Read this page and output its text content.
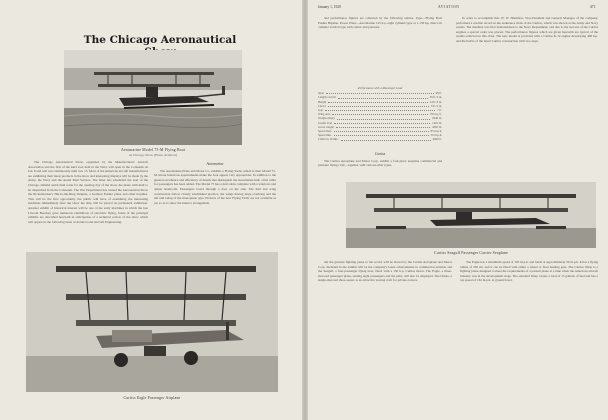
The Chicago Aeronautical
Aeromarine Model 75-M Flying Boat
At Chicago Show (Photo Aviation)

The Chicago Aeronautical Show, organized by the Manufacturers' Aircraft Association and the first of the kind ever held in the West, will open in the Coliseum on Jan. 8 and will run continuously until Jan. 15. Most of the American aircraft manufacturers are exhibiting their latest products in the show and interesting displays will be made by the Army, the Navy and the Aerial Mail Service. The latter has scheduled the start of the Chicago–Omaha aerial mail route for the opening day of the show, the plane with mail to be dispatched from the Coliseum. The War Department has loaned the Aeronautical Show the Rickenbacker's Hat-in-the-Ring insignia, a German Fokker plane and other trophies. This will be the first opportunity the public will have of examining the interesting machines immediately after the show the ship will be placed on permanent exhibition. Another exhibit of historical interest will be one of the early machines in which the late Lincoln Beachey gave numerous exhibitions of aerobatic flying. Some of the principal exhibits are described herewith in anticipation of a technical review of the show which will appear in the following issue of Aviation and Aircraft Engineering.

Aeromarine

The Aeromarine Plane and Motor Co. exhibits a Flying Yacht, which is their Model 75-M whose luxurious appointments make the boat appear very appropriate. In addition to the general excellence and efficiency of details that distinguish the Aeromarine hull, a full cabin for passengers has been added. The Model 75 has a hull cabin complete with a windows and ample headroom. Passengers board through a door on the side. The hull and wing construction follow closely established practice, the wings having large overhang and the tail unit being of the monoplane type. Pictures of the new Flying Yacht are not available as yet so as to show the interior arrangement.

Curtiss Eagle Passenger Airplane
January 1, 1920	AVIATION	471

and performance figures are collected by the following entries. Type—Flying Boat Pusher Biplane. Power Plant—Aeromarine 125 h.p. eight cylinder type or 1,150 hp. direct air cylinder vertical type with starter and pressure.

Performance with 4-Passenger Load
Span	68 ft.
Length overall	39 ft. 6 in.
Height	14 ft. 8 in.
Chord	6 ft. 6 in.
Gap	7 ft.
Wing area	700 sq. ft.
Weight empty	2940 lb.
Useful load	1425 lb.
Gross weight	4365 lb.
Speed max.	85 m.p.h.
Speed min.	50 m.p.h.
Climb in 10 min.	4000 ft.
Curtiss

The Curtiss Aeroplane and Motor Corp. exhibit a four-place seaplane commercial and pleasure flying craft—together with various other types.

In order to accomplish this, W. W. Hamilton, Vice-President and General Manager of the company, performed a notable record in the endurance trials of the Curtiss, which was shown at the Army and Navy events. The machine was first demonstrated to the Navy Department; and due to the success of the Curtiss engines a special order was placed. The performance figures which are given herewith are typical of the results achieved in this class. The new model is provided with a Curtiss K-12 engine developing 400 h.p. and the hull is of the latest Curtiss construction with two steps.

Curtiss Seagull Passenger Carrier Seaplane

tail the greatest fighting plane to the world, will be shown by the Curtiss Aeroplane and Motor Corp. Included in the exhibit will be the company's latest achievements in commercial aviation and the Seagull, a four-passenger flying boat, fitted with a 150 h.p. Curtiss motor. The Eagle, a three-motored passenger plane, seating eight passengers and the pilot, will also be displayed. The Oriole, a single-motored three-seater, is an attractive touring craft for private owners.

The Eagle has a maximum speed of 105 m.p.h. and lands at approximately 50 m.p.h. It has a flying radius of 350 mi. and it can be fitted with either a wheel or float landing gear. The Curtiss Wasp is a fighting plane designed to meet the requirements of a pursuit plane at a time when the American aircraft industry was in the development stage. The standard Wasp carries a total of 15 gallons of fuel and has a top speed of 162 m.p.h. at ground level.
